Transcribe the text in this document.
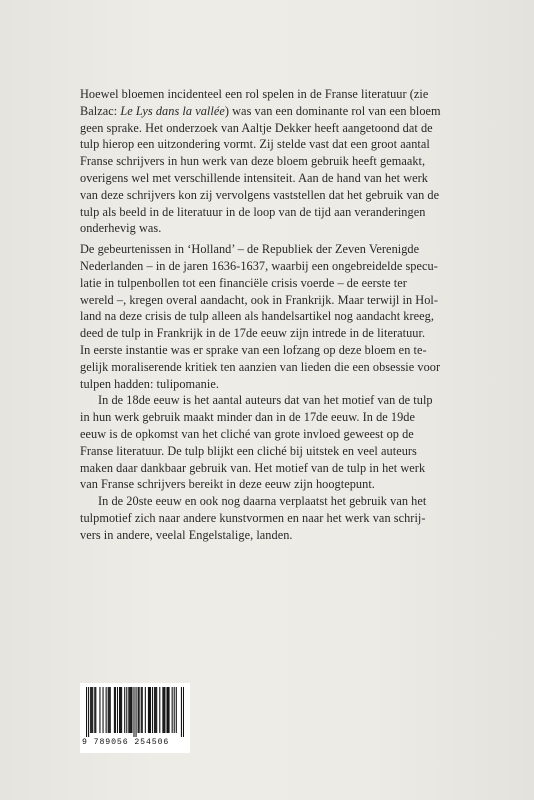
Hoewel bloemen incidenteel een rol spelen in de Franse literatuur (zie
Balzac: Le Lys dans la vallée) was van een dominante rol van een bloem
geen sprake. Het onderzoek van Aaltje Dekker heeft aangetoond dat de
tulp hierop een uitzondering vormt. Zij stelde vast dat een groot aantal
Franse schrijvers in hun werk van deze bloem gebruik heeft gemaakt,
overigens wel met verschillende intensiteit. Aan de hand van het werk
van deze schrijvers kon zij vervolgens vaststellen dat het gebruik van de
tulp als beeld in de literatuur in de loop van de tijd aan veranderingen
onderhevig was.

De gebeurtenissen in ‘Holland’ – de Republiek der Zeven Verenigde
Nederlanden – in de jaren 1636-1637, waarbij een ongebreidelde specu-
latie in tulpenbollen tot een financiële crisis voerde – de eerste ter
wereld –, kregen overal aandacht, ook in Frankrijk. Maar terwijl in Hol-
land na deze crisis de tulp alleen als handelsartikel nog aandacht kreeg,
deed de tulp in Frankrijk in de 17de eeuw zijn intrede in de literatuur.
In eerste instantie was er sprake van een lofzang op deze bloem en te-
gelijk moraliserende kritiek ten aanzien van lieden die een obsessie voor
tulpen hadden: tulipomanie.

In de 18de eeuw is het aantal auteurs dat van het motief van de tulp
in hun werk gebruik maakt minder dan in de 17de eeuw. In de 19de
eeuw is de opkomst van het cliché van grote invloed geweest op de
Franse literatuur. De tulp blijkt een cliché bij uitstek en veel auteurs
maken daar dankbaar gebruik van. Het motief van de tulp in het werk
van Franse schrijvers bereikt in deze eeuw zijn hoogtepunt.

In de 20ste eeuw en ook nog daarna verplaatst het gebruik van het
tulpmotief zich naar andere kunstvormen en naar het werk van schrij-
vers in andere, veelal Engelstalige, landen.

9 789056 254506
